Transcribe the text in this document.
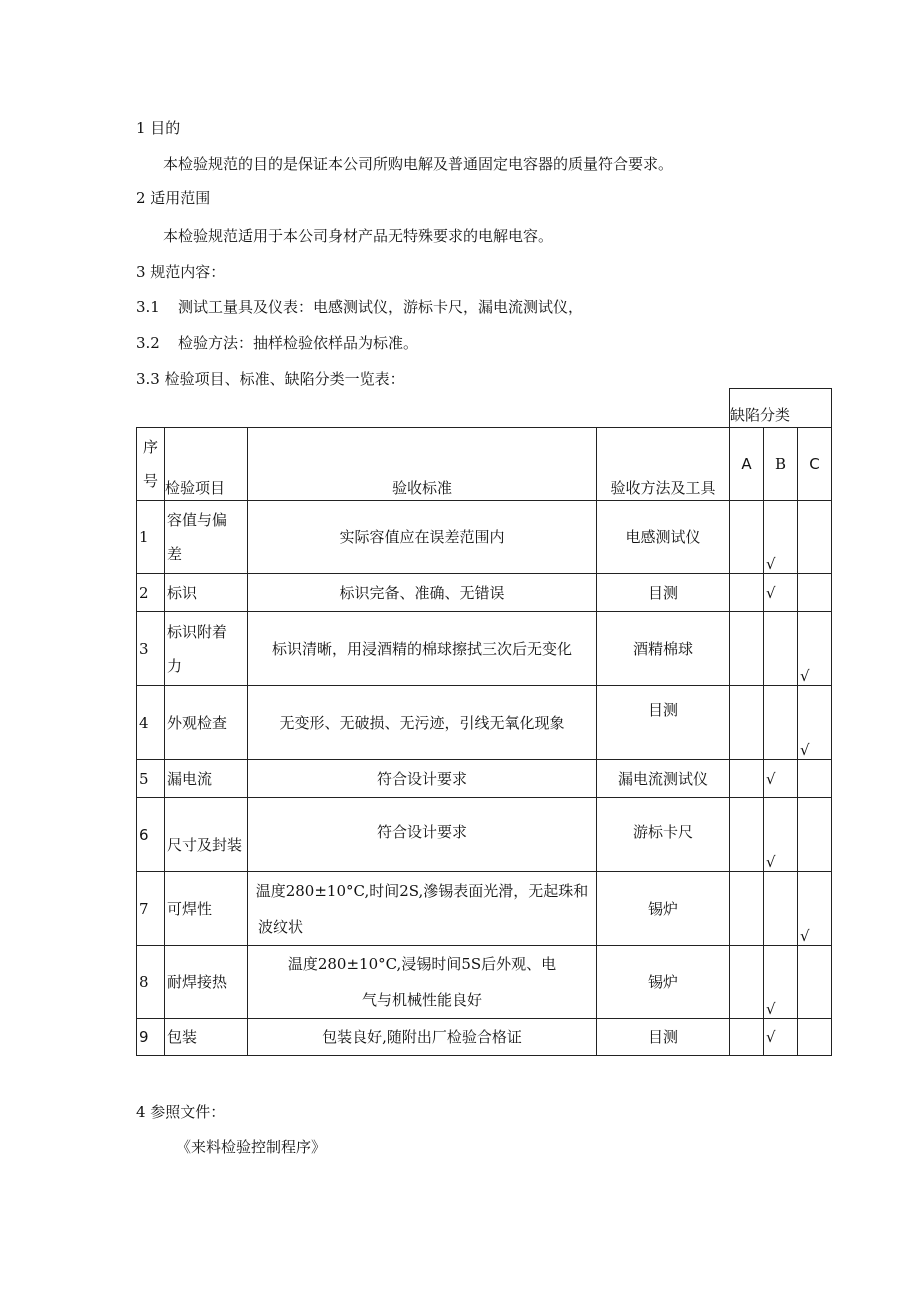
1 目的
本检验规范的目的是保证本公司所购电解及普通固定电容器的质量符合要求。
2 适用范围
本检验规范适用于本公司身材产品无特殊要求的电解电容。
3 规范内容：
3.1 测试工量具及仪表：电感测试仪，游标卡尺，漏电流测试仪，
3.2 检验方法：抽样检验依样品为标准。
3.3 检验项目、标准、缺陷分类一览表：
				缺陷分类		

序
号	检验项目	验收标准	验收方法及工具	A	B	C
1	容值与偏
差	实际容值应在误差范围内	电感测试仪		√	
2	标识	标识完备、准确、无错误	目测		√	
3	标识附着
力	标识清晰，用浸酒精的棉球擦拭三次后无变化	酒精棉球			√
4	外观检查	无变形、无破损、无污迹，引线无氧化现象	目测			√
5	漏电流	符合设计要求	漏电流测试仪		√	
6	尺寸及封装	符合设计要求	游标卡尺		√	
7	可焊性	温度280±10°C,时间2S,滲锡表面光滑，无起珠和
波纹状	锡炉			√
8	耐焊接热	温度280±10°C,浸锡时间5S后外观、电
气与机械性能良好	锡炉		√	
9	包装	包装良好,随附出厂检验合格证	目测		√	
4 参照文件：
《来料检验控制程序》
